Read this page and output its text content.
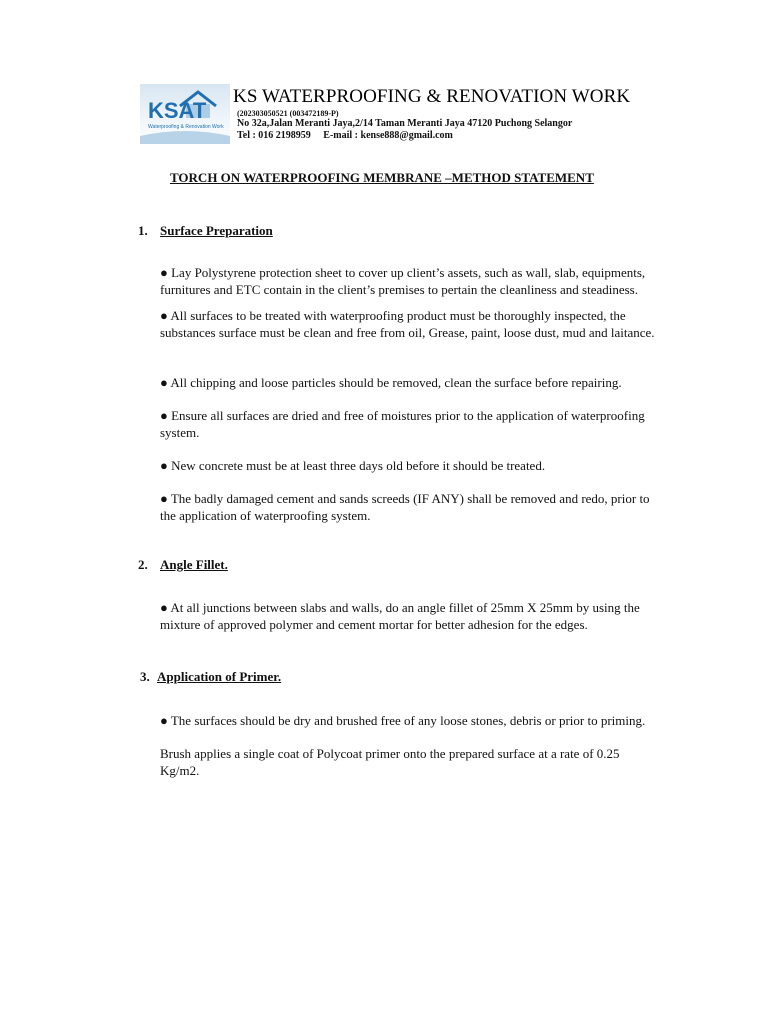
KSAT
Waterproofing & Renovation Work
KS WATERPROOFING & RENOVATION WORK
(202303050521 (003472189-P)
No 32a,Jalan Meranti Jaya,2/14 Taman Meranti Jaya 47120 Puchong Selangor
Tel : 016 2198959     E-mail : kense888@gmail.com
TORCH ON WATERPROOFING MEMBRANE –METHOD STATEMENT
1. Surface Preparation
● Lay Polystyrene protection sheet to cover up client’s assets, such as wall, slab, equipments, furnitures and ETC contain in the client’s premises to pertain the cleanliness and steadiness.
● All surfaces to be treated with waterproofing product must be thoroughly inspected, the substances surface must be clean and free from oil, Grease, paint, loose dust, mud and laitance.
● All chipping and loose particles should be removed, clean the surface before repairing.
● Ensure all surfaces are dried and free of moistures prior to the application of waterproofing system.
● New concrete must be at least three days old before it should be treated.
● The badly damaged cement and sands screeds (IF ANY) shall be removed and redo, prior to the application of waterproofing system.
2. Angle Fillet.
● At all junctions between slabs and walls, do an angle fillet of 25mm X 25mm by using the mixture of approved polymer and cement mortar for better adhesion for the edges.
3. Application of Primer.
● The surfaces should be dry and brushed free of any loose stones, debris or prior to priming.
Brush applies a single coat of Polycoat primer onto the prepared surface at a rate of 0.25 Kg/m2.
